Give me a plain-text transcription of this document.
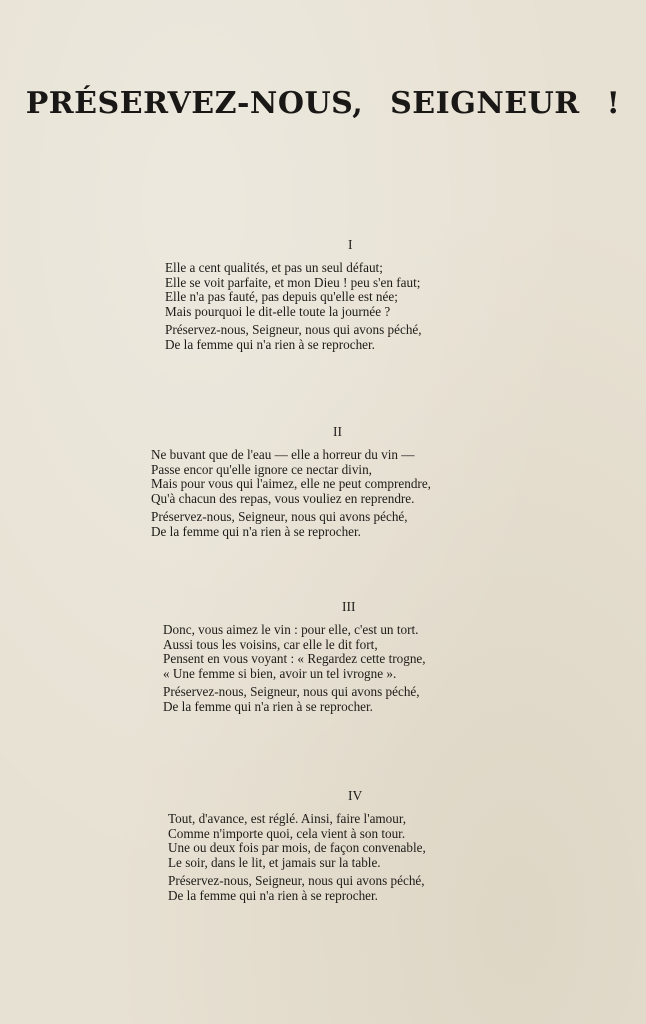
PRÉSERVEZ-NOUS, SEIGNEUR !
I
Elle a cent qualités, et pas un seul défaut;
Elle se voit parfaite, et mon Dieu ! peu s'en faut;
Elle n'a pas fauté, pas depuis qu'elle est née;
Mais pourquoi le dit-elle toute la journée ?
Préservez-nous, Seigneur, nous qui avons péché,
De la femme qui n'a rien à se reprocher.
II
Ne buvant que de l'eau — elle a horreur du vin —
Passe encor qu'elle ignore ce nectar divin,
Mais pour vous qui l'aimez, elle ne peut comprendre,
Qu'à chacun des repas, vous vouliez en reprendre.
Préservez-nous, Seigneur, nous qui avons péché,
De la femme qui n'a rien à se reprocher.
III
Donc, vous aimez le vin : pour elle, c'est un tort.
Aussi tous les voisins, car elle le dit fort,
Pensent en vous voyant : « Regardez cette trogne,
« Une femme si bien, avoir un tel ivrogne ».
Préservez-nous, Seigneur, nous qui avons péché,
De la femme qui n'a rien à se reprocher.
IV
Tout, d'avance, est réglé. Ainsi, faire l'amour,
Comme n'importe quoi, cela vient à son tour.
Une ou deux fois par mois, de façon convenable,
Le soir, dans le lit, et jamais sur la table.
Préservez-nous, Seigneur, nous qui avons péché,
De la femme qui n'a rien à se reprocher.
